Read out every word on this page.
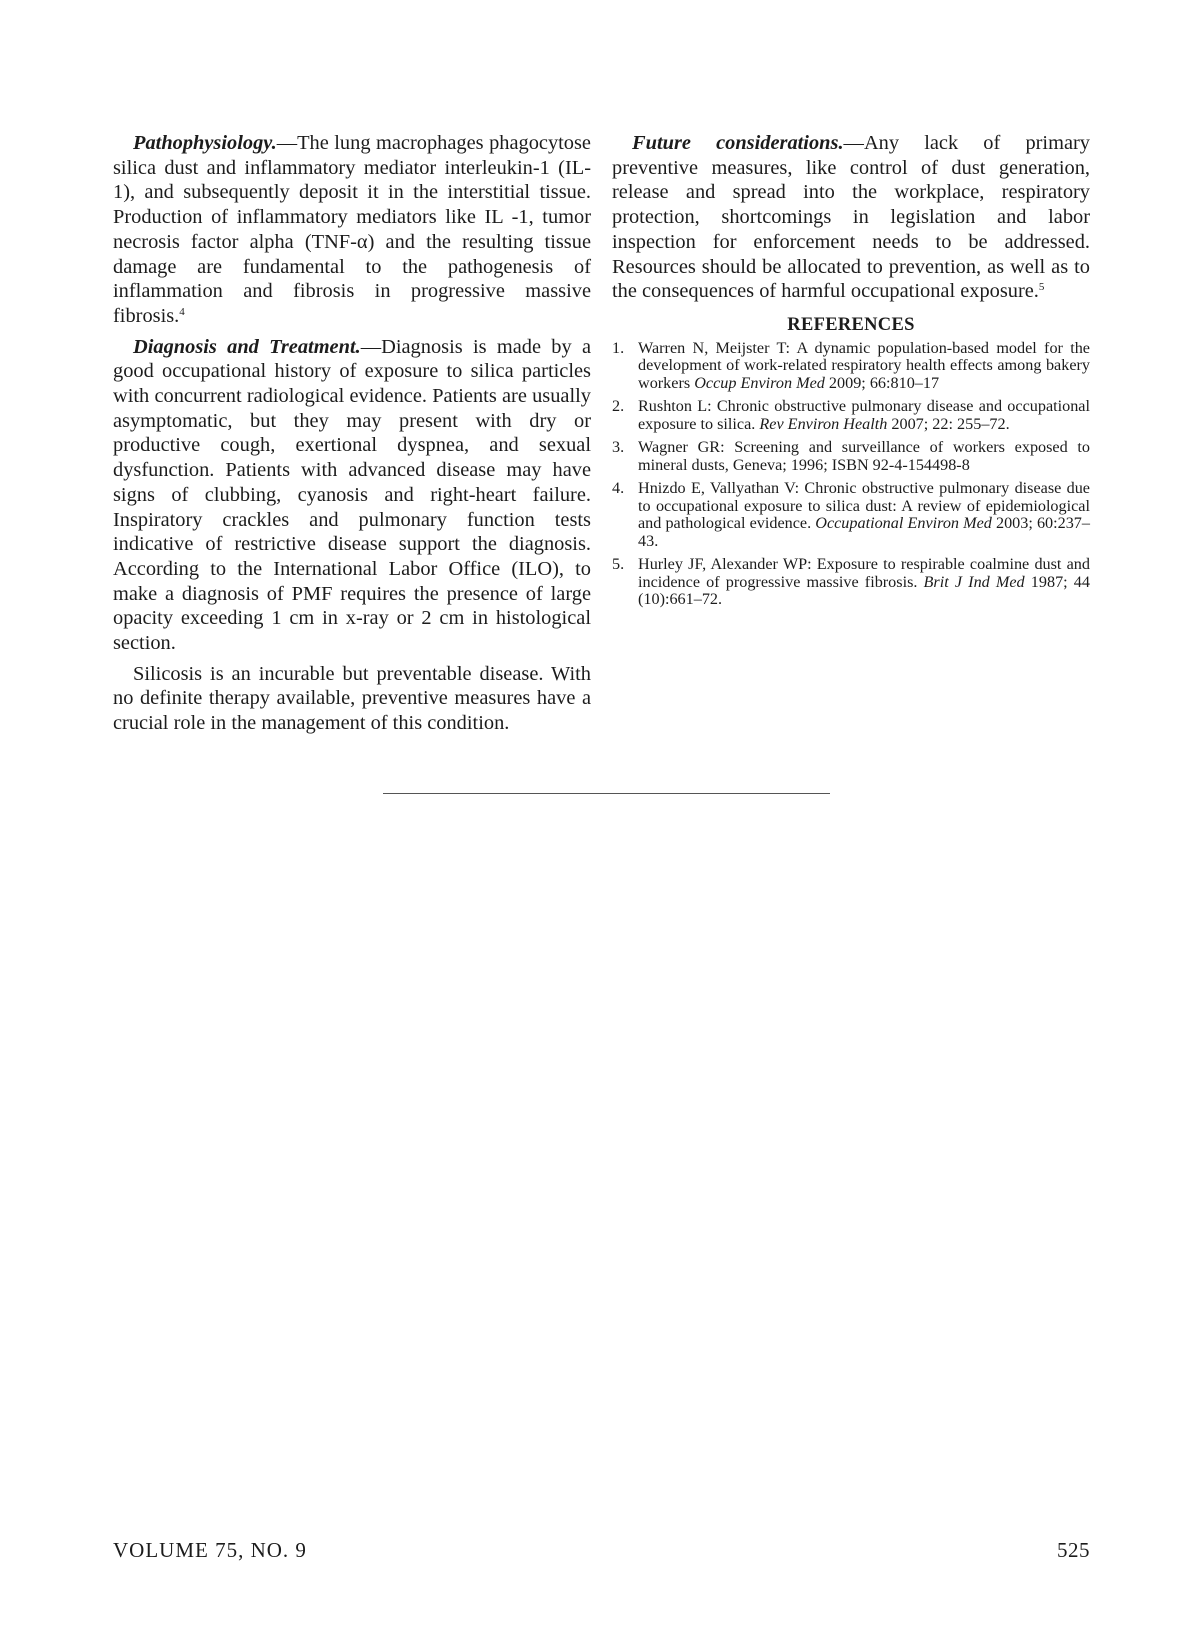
Pathophysiology.—The lung macrophages phagocytose silica dust and inflammatory mediator interleukin-1 (IL-1), and subsequently deposit it in the interstitial tissue. Production of inflammatory mediators like IL -1, tumor necrosis factor alpha (TNF-α) and the resulting tissue damage are fundamental to the pathogenesis of inflammation and fibrosis in progressive massive fibrosis.$^4$

Diagnosis and Treatment.—Diagnosis is made by a good occupational history of exposure to silica particles with concurrent radiological evidence. Patients are usually asymptomatic, but they may present with dry or productive cough, exertional dyspnea, and sexual dysfunction. Patients with advanced disease may have signs of clubbing, cyanosis and right-heart failure. Inspiratory crackles and pulmonary function tests indicative of restrictive disease support the diagnosis. According to the International Labor Office (ILO), to make a diagnosis of PMF requires the presence of large opacity exceeding 1 cm in x-ray or 2 cm in histological section.

Silicosis is an incurable but preventable disease. With no definite therapy available, preventive measures have a crucial role in the management of this condition.

Future considerations.—Any lack of primary preventive measures, like control of dust generation, release and spread into the workplace, respiratory protection, shortcomings in legislation and labor inspection for enforcement needs to be addressed. Resources should be allocated to prevention, as well as to the consequences of harmful occupational exposure.$^5$

REFERENCES
1. Warren N, Meijster T: A dynamic population-based model for the development of work-related respiratory health effects among bakery workers Occup Environ Med 2009; 66:810–17
2. Rushton L: Chronic obstructive pulmonary disease and occupational exposure to silica. Rev Environ Health 2007; 22: 255–72.
3. Wagner GR: Screening and surveillance of workers exposed to mineral dusts, Geneva; 1996; ISBN 92-4-154498-8
4. Hnizdo E, Vallyathan V: Chronic obstructive pulmonary disease due to occupational exposure to silica dust: A review of epidemiological and pathological evidence. Occupational Environ Med 2003; 60:237–43.
5. Hurley JF, Alexander WP: Exposure to respirable coalmine dust and incidence of progressive massive fibrosis. Brit J Ind Med 1987; 44 (10):661–72.
VOLUME 75, NO. 9	525
